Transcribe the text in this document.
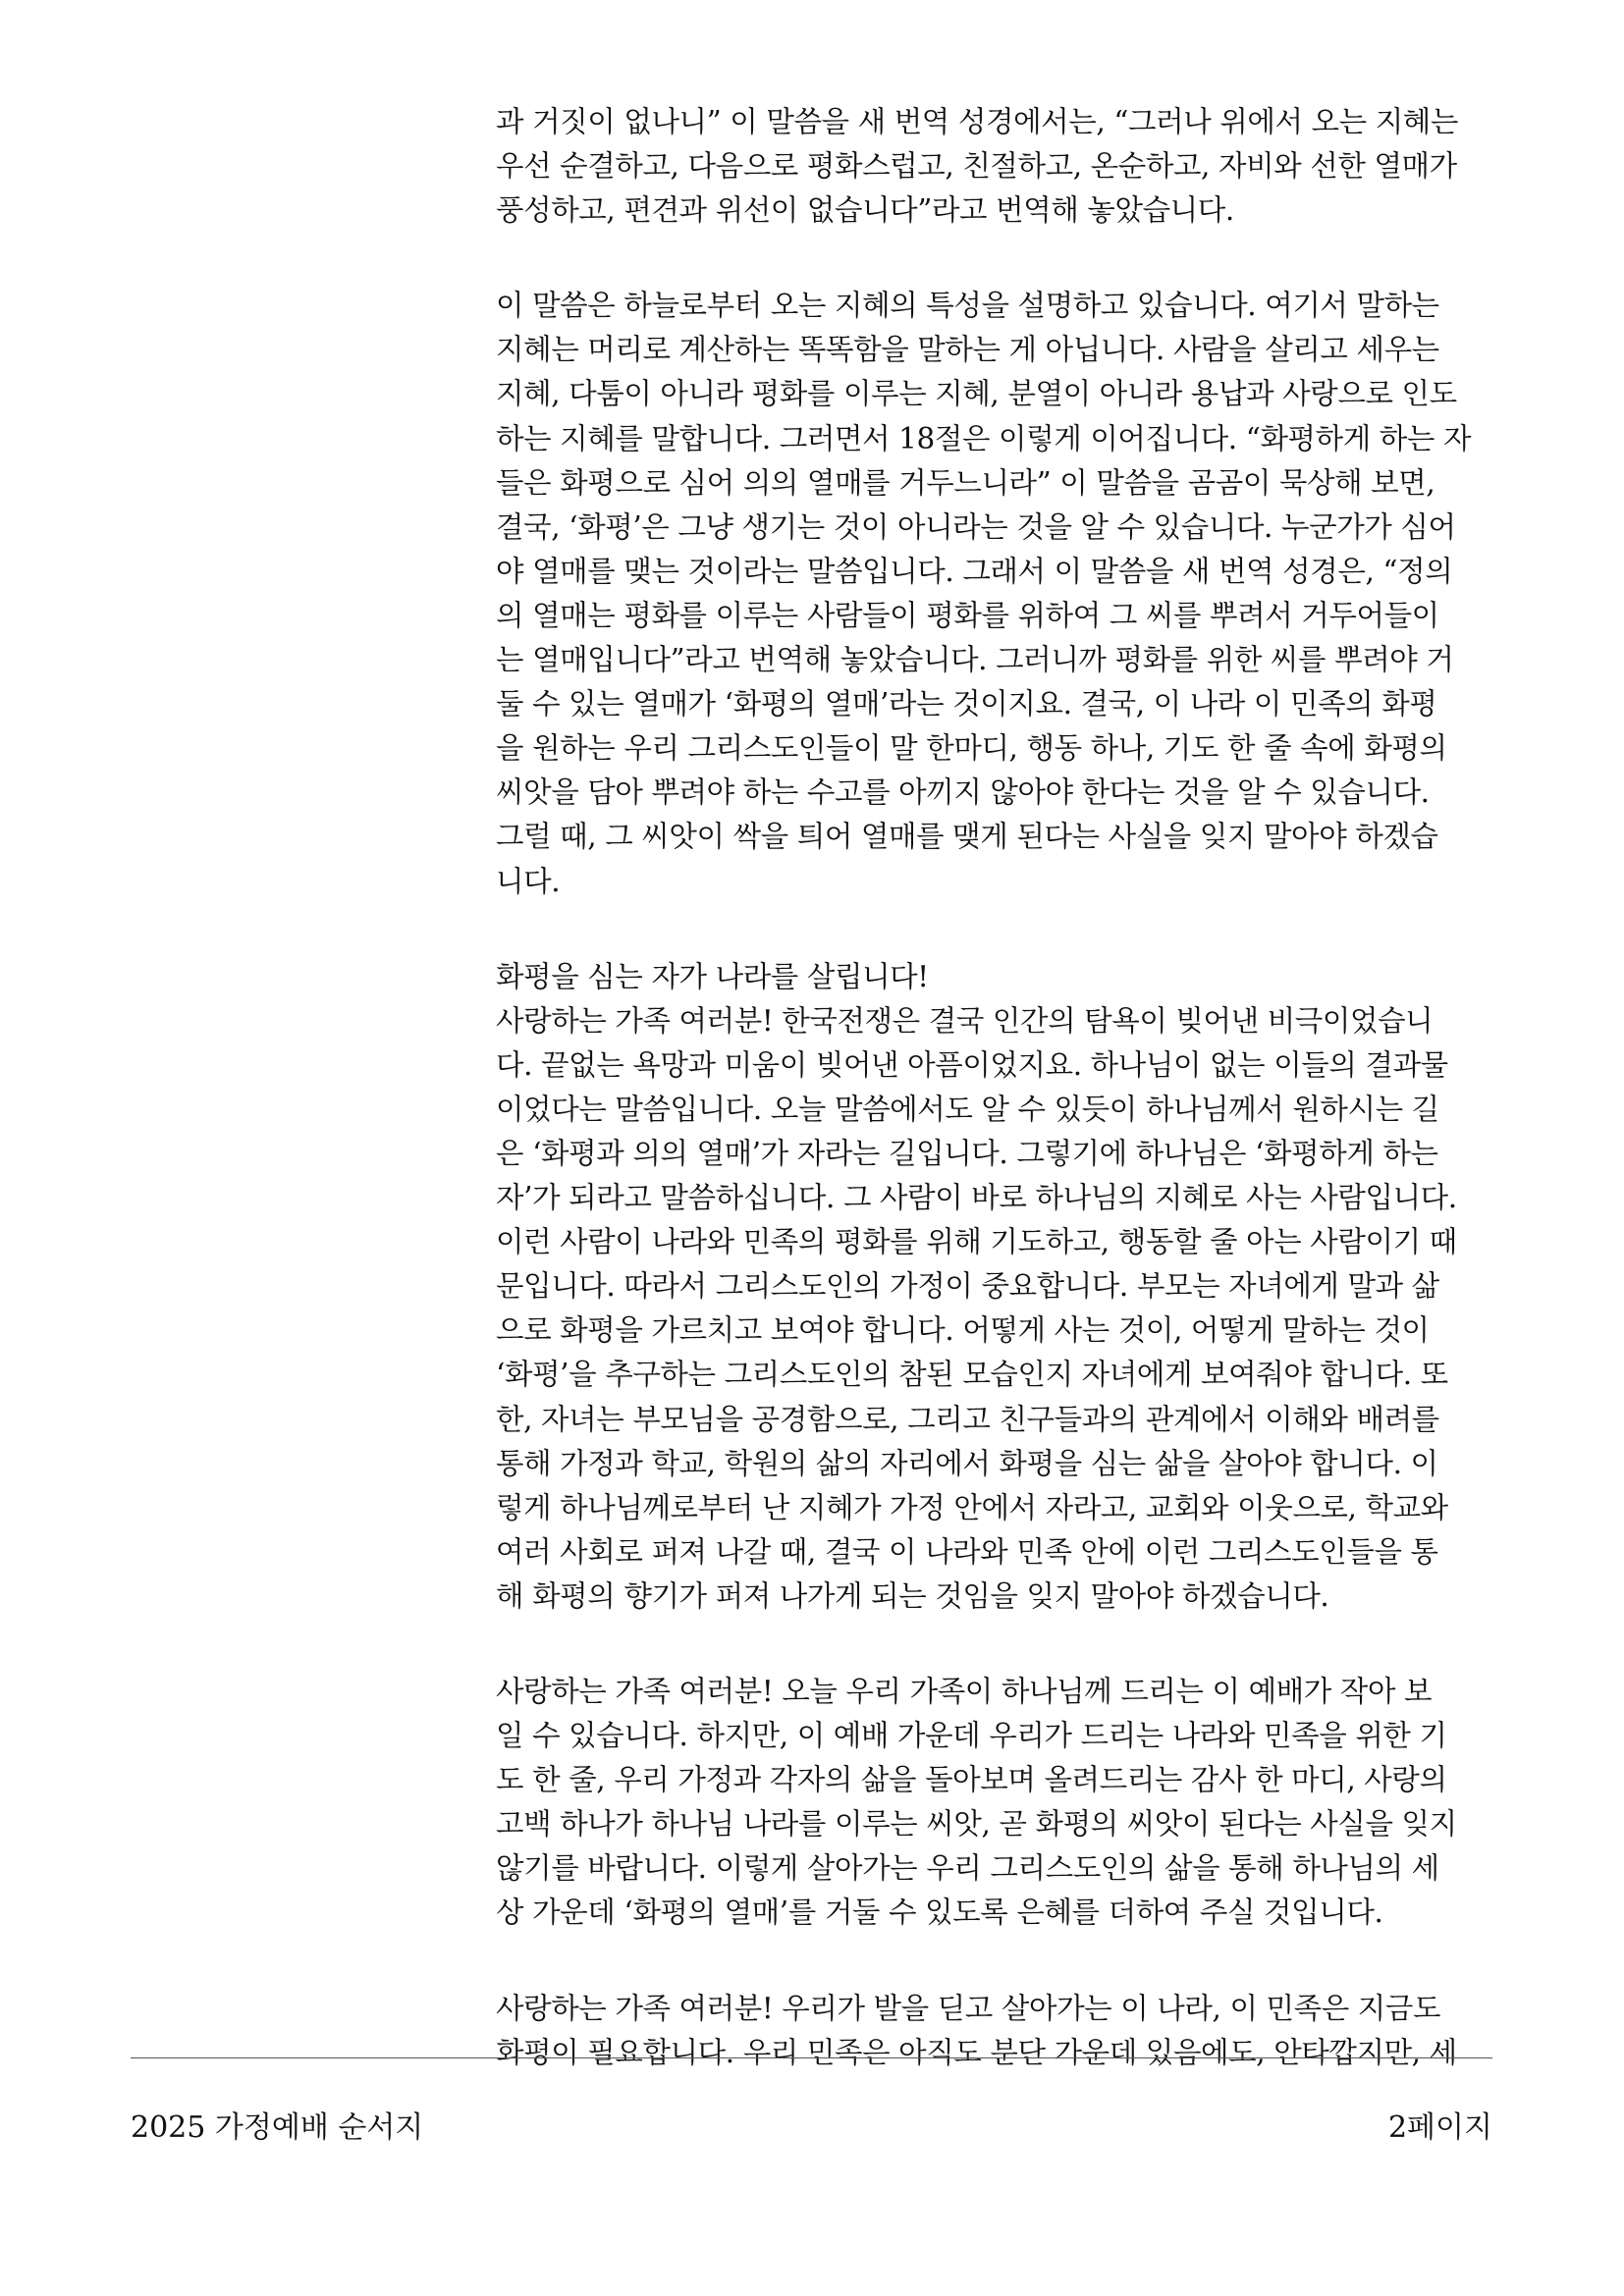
과 거짓이 없나니” 이 말씀을 새 번역 성경에서는, “그러나 위에서 오는 지혜는

우선 순결하고, 다음으로 평화스럽고, 친절하고, 온순하고, 자비와 선한 열매가

풍성하고, 편견과 위선이 없습니다”라고 번역해 놓았습니다.

이 말씀은 하늘로부터 오는 지혜의 특성을 설명하고 있습니다. 여기서 말하는

지혜는 머리로 계산하는 똑똑함을 말하는 게 아닙니다. 사람을 살리고 세우는

지혜, 다툼이 아니라 평화를 이루는 지혜, 분열이 아니라 용납과 사랑으로 인도

하는 지혜를 말합니다. 그러면서 18절은 이렇게 이어집니다. “화평하게 하는 자

들은 화평으로 심어 의의 열매를 거두느니라” 이 말씀을 곰곰이 묵상해 보면,

결국, ‘화평’은 그냥 생기는 것이 아니라는 것을 알 수 있습니다. 누군가가 심어

야 열매를 맺는 것이라는 말씀입니다. 그래서 이 말씀을 새 번역 성경은, “정의

의 열매는 평화를 이루는 사람들이 평화를 위하여 그 씨를 뿌려서 거두어들이

는 열매입니다”라고 번역해 놓았습니다. 그러니까 평화를 위한 씨를 뿌려야 거

둘 수 있는 열매가 ‘화평의 열매’라는 것이지요. 결국, 이 나라 이 민족의 화평

을 원하는 우리 그리스도인들이 말 한마디, 행동 하나, 기도 한 줄 속에 화평의

씨앗을 담아 뿌려야 하는 수고를 아끼지 않아야 한다는 것을 알 수 있습니다.

그럴 때, 그 씨앗이 싹을 틔어 열매를 맺게 된다는 사실을 잊지 말아야 하겠습

니다.

화평을 심는 자가 나라를 살립니다!

사랑하는 가족 여러분! 한국전쟁은 결국 인간의 탐욕이 빚어낸 비극이었습니

다. 끝없는 욕망과 미움이 빚어낸 아픔이었지요. 하나님이 없는 이들의 결과물

이었다는 말씀입니다. 오늘 말씀에서도 알 수 있듯이 하나님께서 원하시는 길

은 ‘화평과 의의 열매’가 자라는 길입니다. 그렇기에 하나님은 ‘화평하게 하는

자’가 되라고 말씀하십니다. 그 사람이 바로 하나님의 지혜로 사는 사람입니다.

이런 사람이 나라와 민족의 평화를 위해 기도하고, 행동할 줄 아는 사람이기 때

문입니다. 따라서 그리스도인의 가정이 중요합니다. 부모는 자녀에게 말과 삶

으로 화평을 가르치고 보여야 합니다. 어떻게 사는 것이, 어떻게 말하는 것이

‘화평’을 추구하는 그리스도인의 참된 모습인지 자녀에게 보여줘야 합니다. 또

한, 자녀는 부모님을 공경함으로, 그리고 친구들과의 관계에서 이해와 배려를

통해 가정과 학교, 학원의 삶의 자리에서 화평을 심는 삶을 살아야 합니다. 이

렇게 하나님께로부터 난 지혜가 가정 안에서 자라고, 교회와 이웃으로, 학교와

여러 사회로 퍼져 나갈 때, 결국 이 나라와 민족 안에 이런 그리스도인들을 통

해 화평의 향기가 퍼져 나가게 되는 것임을 잊지 말아야 하겠습니다.

사랑하는 가족 여러분! 오늘 우리 가족이 하나님께 드리는 이 예배가 작아 보

일 수 있습니다. 하지만, 이 예배 가운데 우리가 드리는 나라와 민족을 위한 기

도 한 줄, 우리 가정과 각자의 삶을 돌아보며 올려드리는 감사 한 마디, 사랑의

고백 하나가 하나님 나라를 이루는 씨앗, 곧 화평의 씨앗이 된다는 사실을 잊지

않기를 바랍니다. 이렇게 살아가는 우리 그리스도인의 삶을 통해 하나님의 세

상 가운데 ‘화평의 열매’를 거둘 수 있도록 은혜를 더하여 주실 것입니다.

사랑하는 가족 여러분! 우리가 발을 딛고 살아가는 이 나라, 이 민족은 지금도

화평이 필요합니다. 우리 민족은 아직도 분단 가운데 있음에도, 안타깝지만, 세

2025 가정예배 순서지	2페이지
